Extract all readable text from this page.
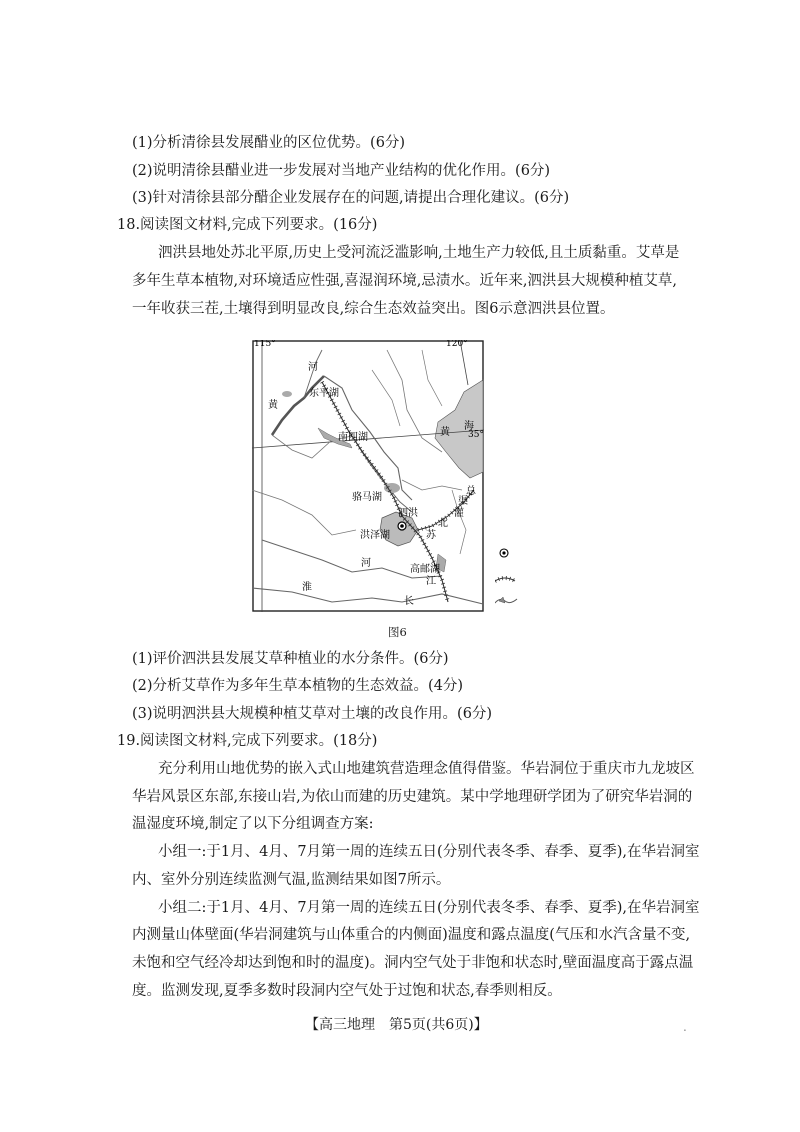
(1)分析清徐县发展醋业的区位优势。(6分)
(2)说明清徐县醋业进一步发展对当地产业结构的优化作用。(6分)
(3)针对清徐县部分醋企业发展存在的问题,请提出合理化建议。(6分)
18.阅读图文材料,完成下列要求。(16分)
泗洪县地处苏北平原,历史上受河流泛滥影响,土地生产力较低,且土质黏重。艾草是
多年生草本植物,对环境适应性强,喜湿润环境,忌渍水。近年来,泗洪县大规模种植艾草,
一年收获三茬,土壤得到明显改良,综合生态效益突出。图6示意泗洪县位置。
115°	120°
35°
河
黄
东平湖
南四湖	黄
海
骆马湖
泗洪
洪泽湖	苏
北
灌
渠
总
河
高邮湖
江
淮
长
图6
(1)评价泗洪县发展艾草种植业的水分条件。(6分)
(2)分析艾草作为多年生草本植物的生态效益。(4分)
(3)说明泗洪县大规模种植艾草对土壤的改良作用。(6分)
19.阅读图文材料,完成下列要求。(18分)
充分利用山地优势的嵌入式山地建筑营造理念值得借鉴。华岩洞位于重庆市九龙坡区
华岩风景区东部,东接山岩,为依山而建的历史建筑。某中学地理研学团为了研究华岩洞的
温湿度环境,制定了以下分组调查方案:
小组一:于1月、4月、7月第一周的连续五日(分别代表冬季、春季、夏季),在华岩洞室
内、室外分别连续监测气温,监测结果如图7所示。
小组二:于1月、4月、7月第一周的连续五日(分别代表冬季、春季、夏季),在华岩洞室
内测量山体壁面(华岩洞建筑与山体重合的内侧面)温度和露点温度(气压和水汽含量不变,
未饱和空气经冷却达到饱和时的温度)。洞内空气处于非饱和状态时,壁面温度高于露点温
度。监测发现,夏季多数时段洞内空气处于过饱和状态,春季则相反。
【高三地理　第5页(共6页)】	.
